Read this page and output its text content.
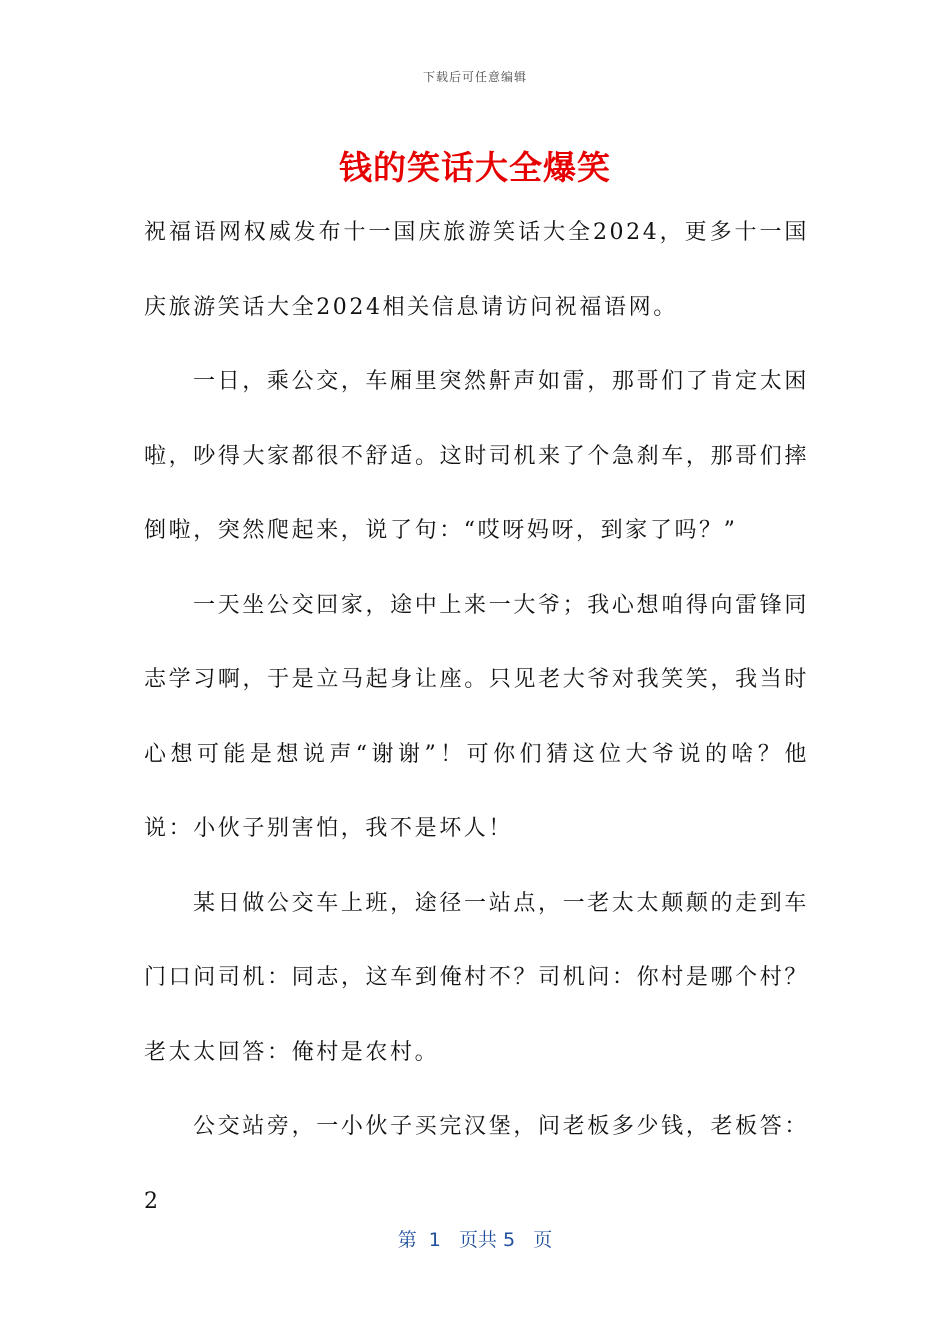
下载后可任意编辑
钱的笑话大全爆笑

祝福语网权威发布十一国庆旅游笑话大全2024，更多十一国庆旅游笑话大全2024相关信息请访问祝福语网。

一日，乘公交，车厢里突然鼾声如雷，那哥们了肯定太困啦，吵得大家都很不舒适。这时司机来了个急刹车，那哥们摔倒啦，突然爬起来，说了句：“哎呀妈呀，到家了吗？”

一天坐公交回家，途中上来一大爷；我心想咱得向雷锋同志学习啊，于是立马起身让座。只见老大爷对我笑笑，我当时心想可能是想说声“谢谢”！可你们猜这位大爷说的啥？他说：小伙子别害怕，我不是坏人！

某日做公交车上班，途径一站点，一老太太颠颠的走到车门口问司机：同志，这车到俺村不？司机问：你村是哪个村？老太太回答：俺村是农村。

公交站旁，一小伙子买完汉堡，问老板多少钱，老板答：2

第  1   页共 5   页
